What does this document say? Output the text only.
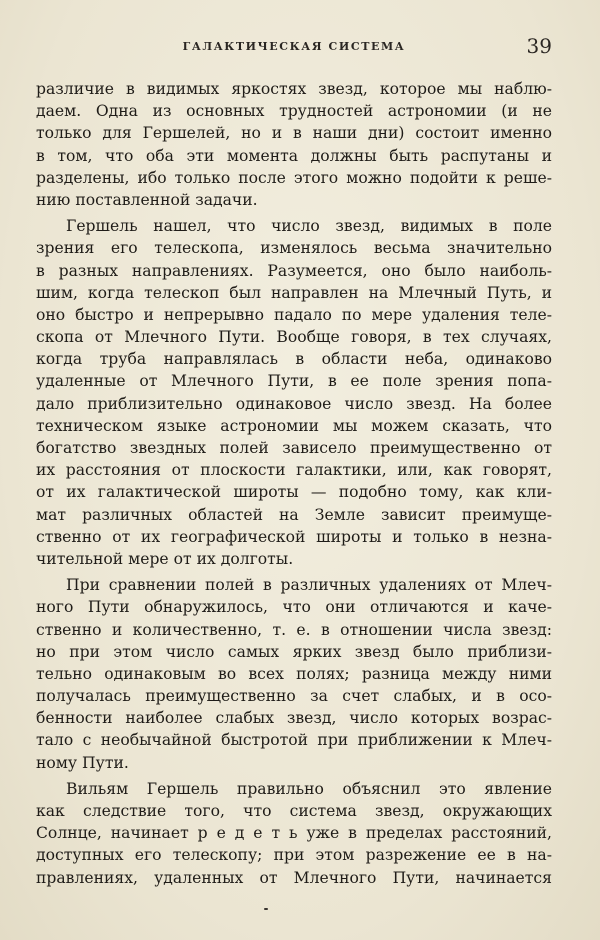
ГАЛАКТИЧЕСКАЯ СИСТЕМА	39
различие в видимых яркостях звезд, которое мы наблю-
даем. Одна из основных трудностей астрономии (и не
только для Гершелей, но и в наши дни) состоит именно
в том, что оба эти момента должны быть распутаны и
разделены, ибо только после этого можно подойти к реше-
нию поставленной задачи.
Гершель нашел, что число звезд, видимых в поле
зрения его телескопа, изменялось весьма значительно
в разных направлениях. Разумеется, оно было наиболь-
шим, когда телескоп был направлен на Млечный Путь, и
оно быстро и непрерывно падало по мере удаления теле-
скопа от Млечного Пути. Вообще говоря, в тех случаях,
когда труба направлялась в области неба, одинаково
удаленные от Млечного Пути, в ее поле зрения попа-
дало приблизительно одинаковое число звезд. На более
техническом языке астрономии мы можем сказать, что
богатство звездных полей зависело преимущественно от
их расстояния от плоскости галактики, или, как говорят,
от их галактической широты — подобно тому, как кли-
мат различных областей на Земле зависит преимуще-
ственно от их географической широты и только в незна-
чительной мере от их долготы.
При сравнении полей в различных удалениях от Млеч-
ного Пути обнаружилось, что они отличаются и каче-
ственно и количественно, т. е. в отношении числа звезд:
но при этом число самых ярких звезд было приблизи-
тельно одинаковым во всех полях; разница между ними
получалась преимущественно за счет слабых, и в осо-
бенности наиболее слабых звезд, число которых возрас-
тало с необычайной быстротой при приближении к Млеч-
ному Пути.
Вильям Гершель правильно объяснил это явление
как следствие того, что система звезд, окружающих
Солнце, начинает р е д е т ь уже в пределах расстояний,
доступных его телескопу; при этом разрежение ее в на-
правлениях, удаленных от Млечного Пути, начинается
